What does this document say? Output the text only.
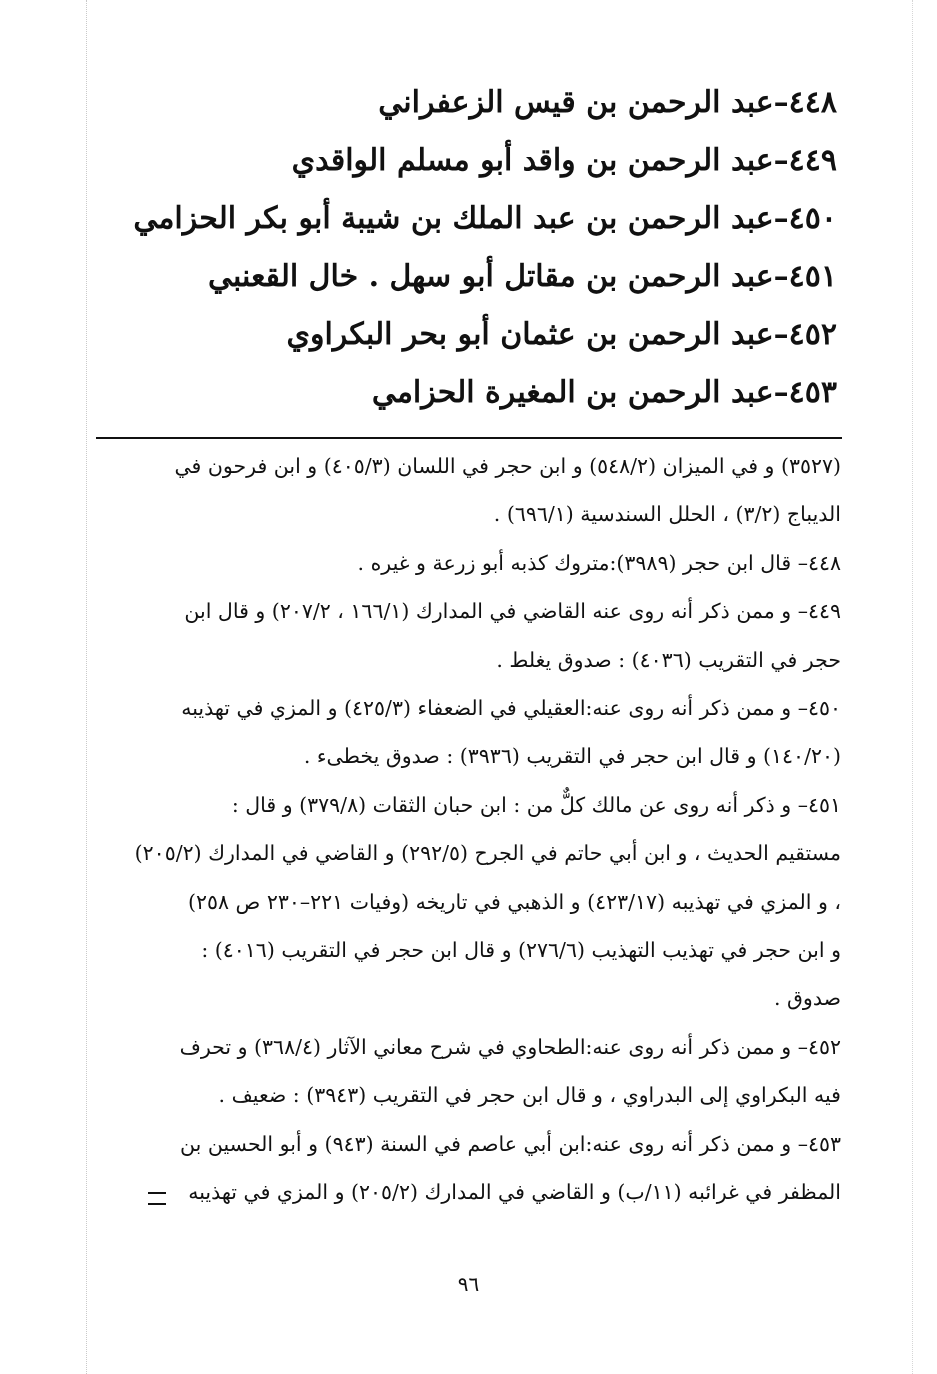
٤٤٨–عبد الرحمن بن قيس الزعفراني
٤٤٩–عبد الرحمن بن واقد أبو مسلم الواقدي
٤٥٠–عبد الرحمن بن عبد الملك بن شيبة أبو بكر الحزامي
٤٥١–عبد الرحمن بن مقاتل أبو سهل . خال القعنبي
٤٥٢–عبد الرحمن بن عثمان أبو بحر البكراوي
٤٥٣–عبد الرحمن بن المغيرة الحزامي
(٣٥٢٧) و في الميزان (٥٤٨/٢) و ابن حجر في اللسان (٤٠٥/٣) و ابن فرحون في
الديباج (٣/٢) ، الحلل السندسية (٦٩٦/١) .
٤٤٨– قال ابن حجر (٣٩٨٩):متروك كذبه أبو زرعة و غيره .
٤٤٩– و ممن ذكر أنه روى عنه القاضي في المدارك (١٦٦/١ ، ٢٠٧/٢) و قال ابن
حجر في التقريب (٤٠٣٦) : صدوق يغلط .
٤٥٠– و ممن ذكر أنه روى عنه:العقيلي في الضعفاء (٤٢٥/٣) و المزي في تهذيبه
(١٤٠/٢٠) و قال ابن حجر في التقريب (٣٩٣٦) : صدوق يخطىء .
٤٥١– و ذكر أنه روى عن مالك كلٌّ من : ابن حبان الثقات (٣٧٩/٨) و قال :
مستقيم الحديث ، و ابن أبي حاتم في الجرح (٢٩٢/٥) و القاضي في المدارك (٢٠٥/٢)
، و المزي في تهذيبه (٤٢٣/١٧) و الذهبي في تاريخه (وفيات ٢٢١–٢٣٠ ص ٢٥٨)
و ابن حجر في تهذيب التهذيب (٢٧٦/٦) و قال ابن حجر في التقريب (٤٠١٦) :
صدوق .
٤٥٢– و ممن ذكر أنه روى عنه:الطحاوي في شرح معاني الآثار (٣٦٨/٤) و تحرف
فيه البكراوي إلى البدراوي ، و قال ابن حجر في التقريب (٣٩٤٣) : ضعيف .
٤٥٣– و ممن ذكر أنه روى عنه:ابن أبي عاصم في السنة (٩٤٣) و أبو الحسين بن
المظفر في غرائبه (١١/ب) و القاضي في المدارك (٢٠٥/٢) و المزي في تهذيبه
٩٦
